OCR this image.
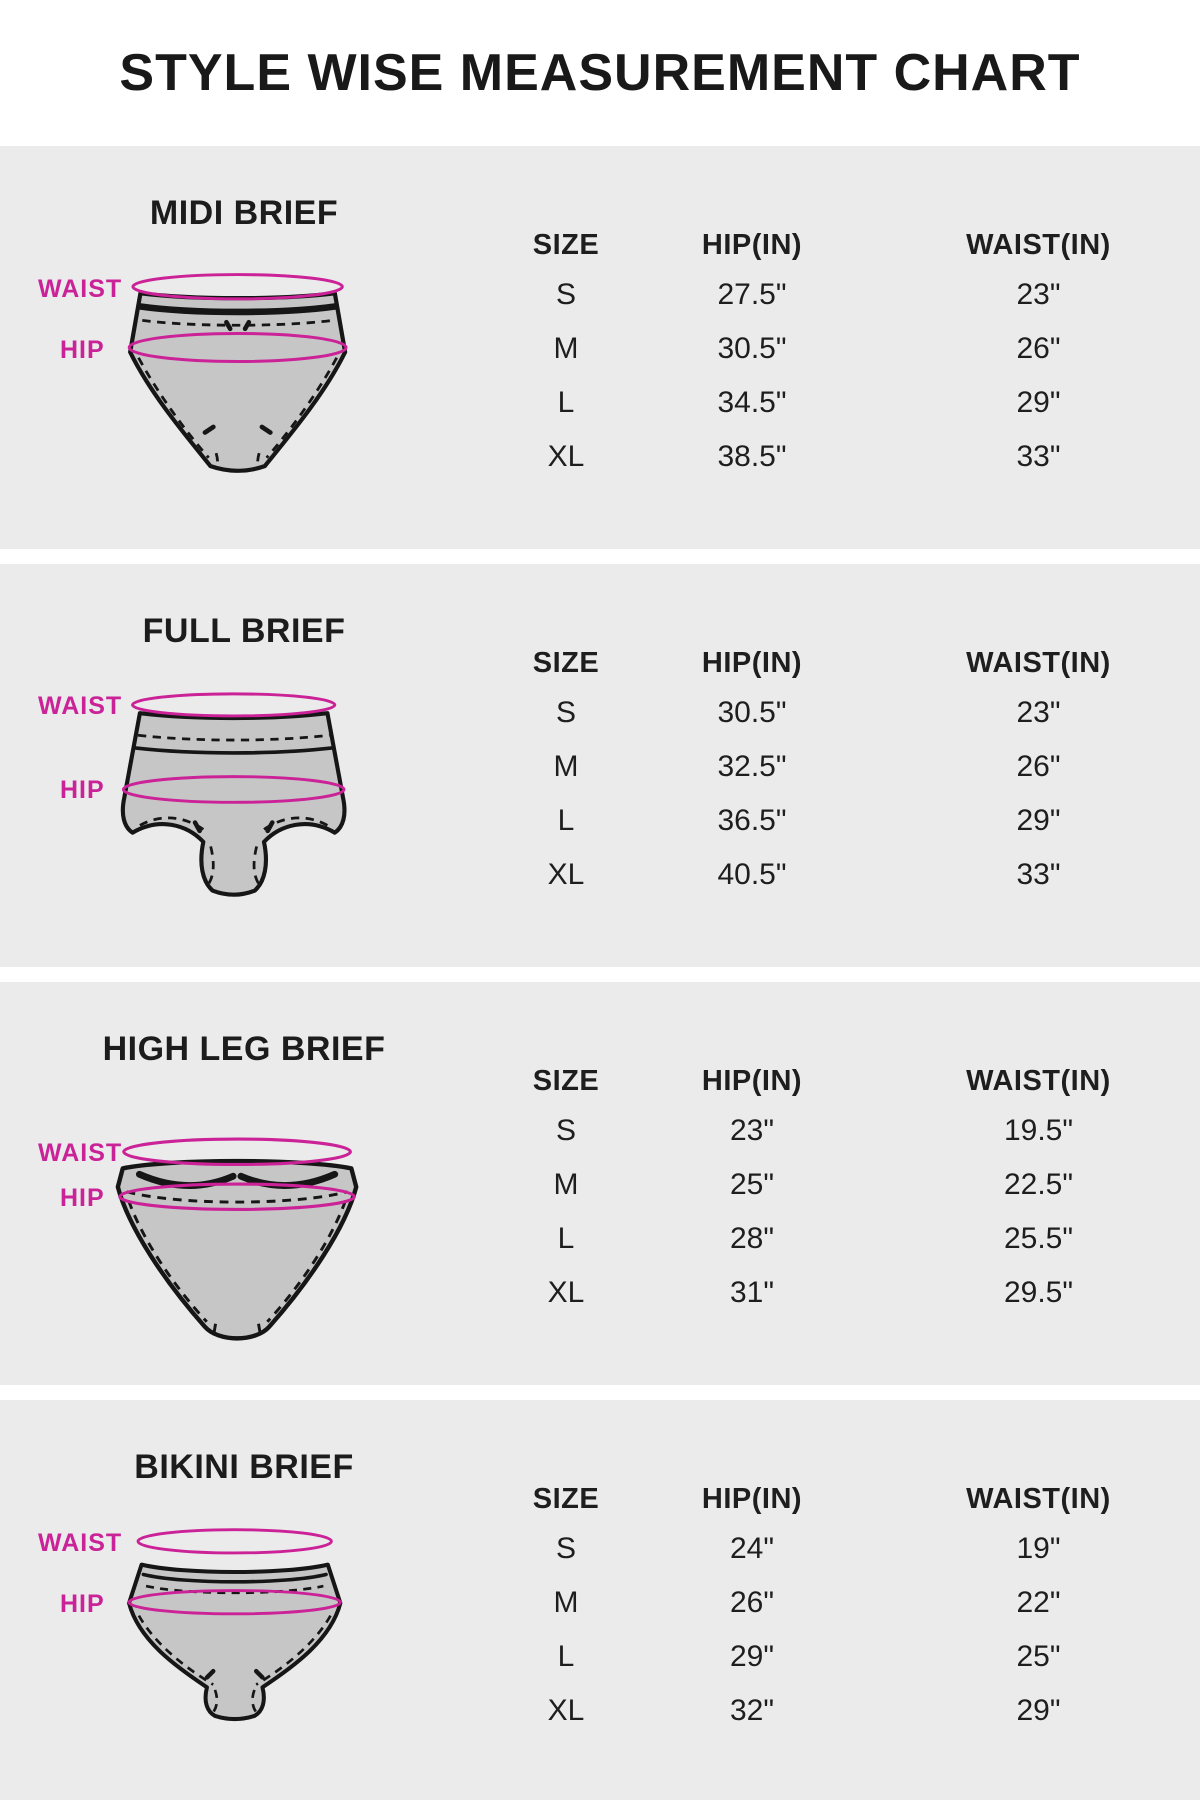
STYLE WISE MEASUREMENT CHART
MIDI BRIEF
WAIST
HIP
SIZE	HIP(IN)	WAIST(IN)
S	27.5"	23"
M	30.5"	26"
L	34.5"	29"
XL	38.5"	33"
FULL BRIEF
WAIST
HIP
SIZE	HIP(IN)	WAIST(IN)
S	30.5"	23"
M	32.5"	26"
L	36.5"	29"
XL	40.5"	33"
HIGH LEG BRIEF
WAIST
HIP
SIZE	HIP(IN)	WAIST(IN)
S	23"	19.5"
M	25"	22.5"
L	28"	25.5"
XL	31"	29.5"
BIKINI BRIEF
WAIST
HIP
SIZE	HIP(IN)	WAIST(IN)
S	24"	19"
M	26"	22"
L	29"	25"
XL	32"	29"
